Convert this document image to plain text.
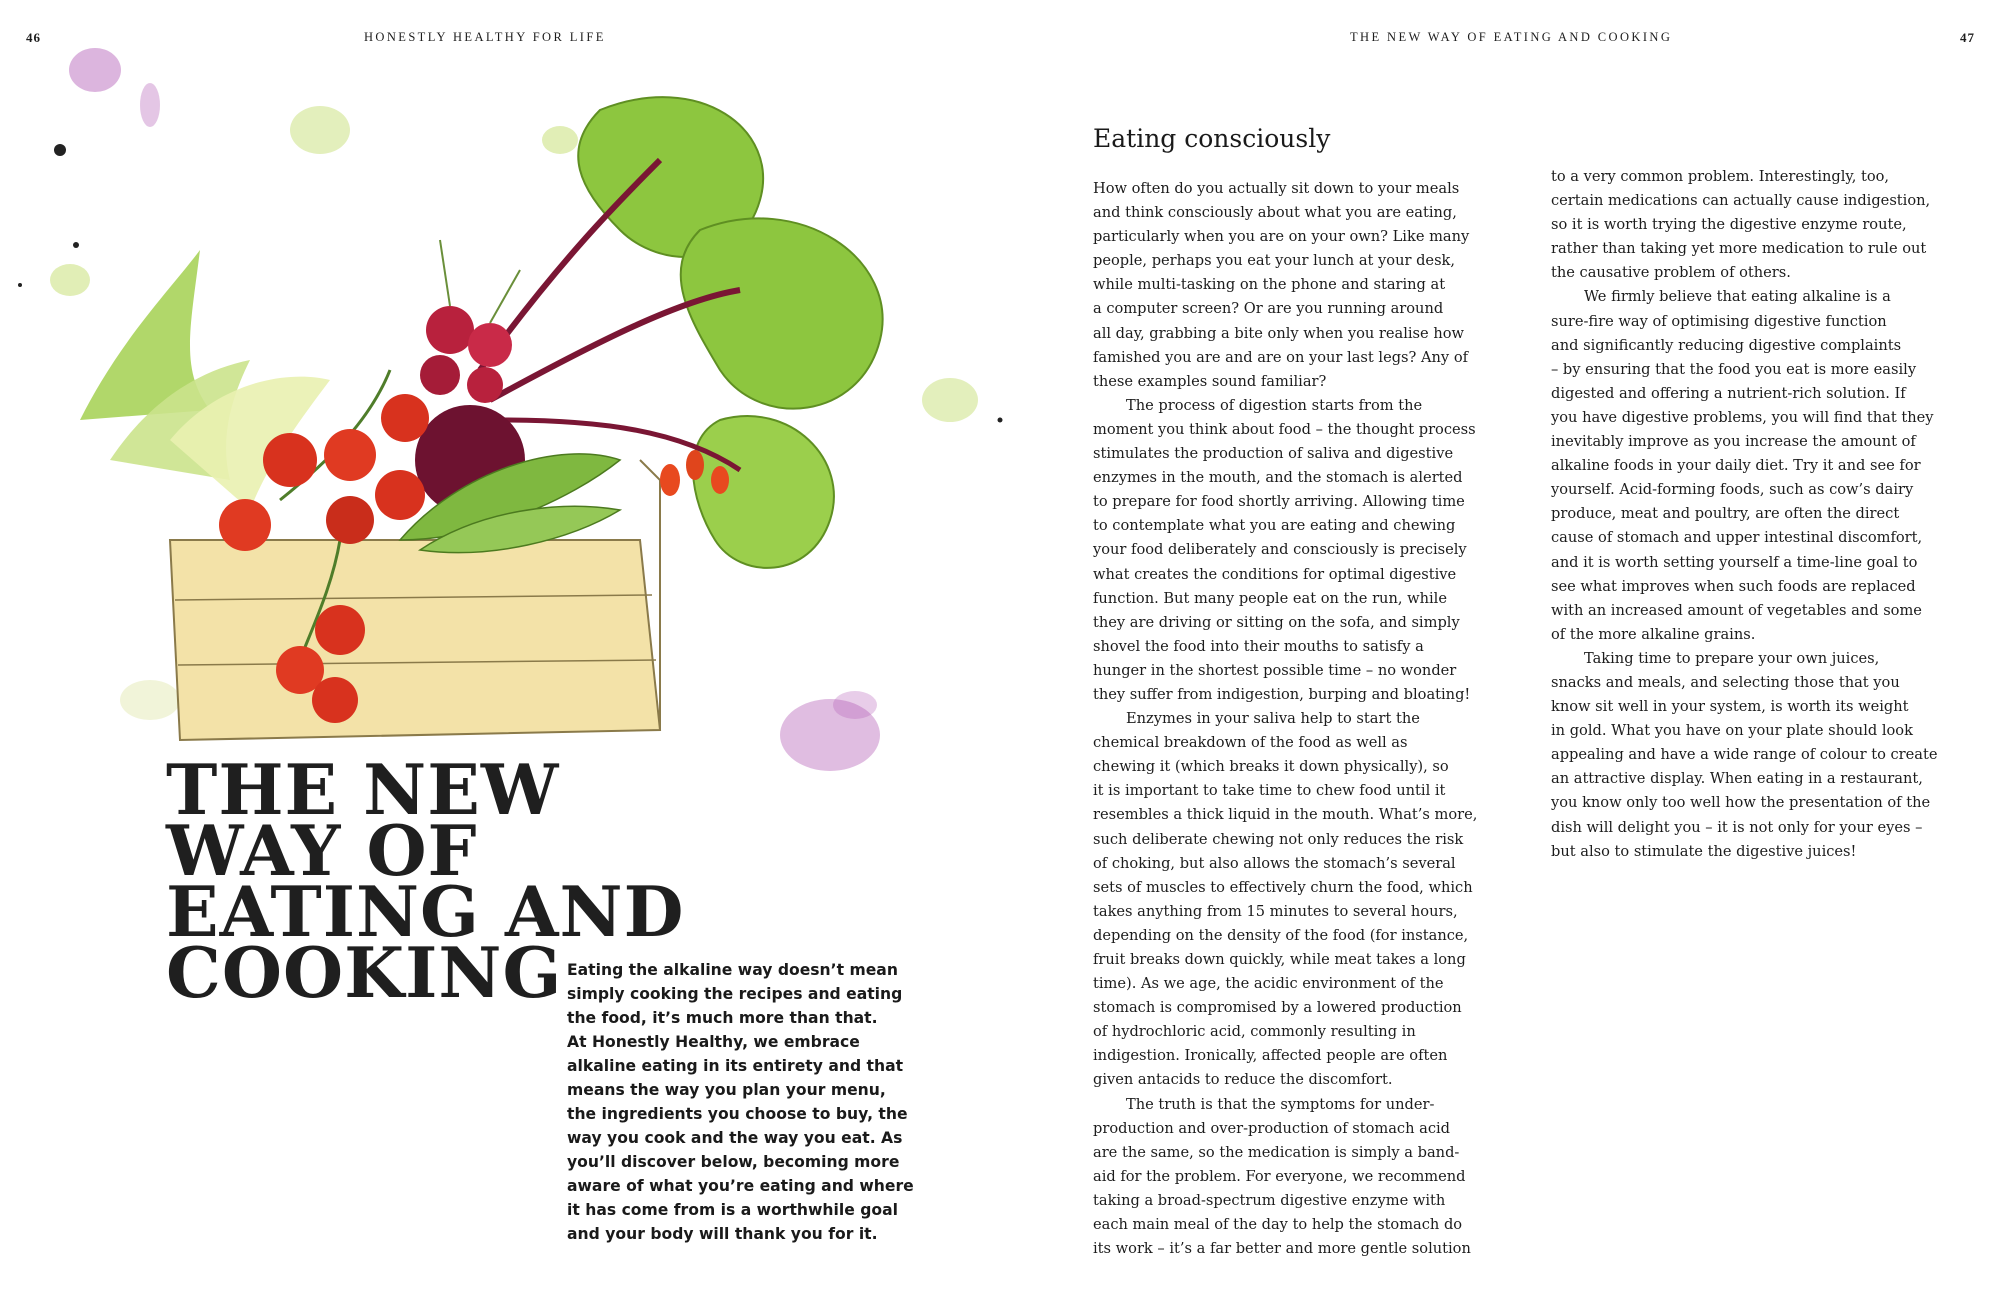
46	HONESTLY HEALTHY FOR LIFE	THE NEW WAY OF EATING AND COOKING	47
THE NEW
WAY OF
EATING AND
COOKING Eating the alkaline way doesn’t mean
simply cooking the recipes and eating
the food, it’s much more than that.
At Honestly Healthy, we embrace
alkaline eating in its entirety and that
means the way you plan your menu,
the ingredients you choose to buy, the
way you cook and the way you eat. As
you’ll discover below, becoming more
aware of what you’re eating and where
it has come from is a worthwhile goal
and your body will thank you for it.

Eating consciously
How often do you actually sit down to your meals
and think consciously about what you are eating,
particularly when you are on your own? Like many
people, perhaps you eat your lunch at your desk,
while multi-tasking on the phone and staring at
a computer screen? Or are you running around
all day, grabbing a bite only when you realise how
famished you are and are on your last legs? Any of
these examples sound familiar?
The process of digestion starts from the
moment you think about food – the thought process
stimulates the production of saliva and digestive
enzymes in the mouth, and the stomach is alerted
to prepare for food shortly arriving. Allowing time
to contemplate what you are eating and chewing
your food deliberately and consciously is precisely
what creates the conditions for optimal digestive
function. But many people eat on the run, while
they are driving or sitting on the sofa, and simply
shovel the food into their mouths to satisfy a
hunger in the shortest possible time – no wonder
they suffer from indigestion, burping and bloating!
Enzymes in your saliva help to start the
chemical breakdown of the food as well as
chewing it (which breaks it down physically), so
it is important to take time to chew food until it
resembles a thick liquid in the mouth. What’s more,
such deliberate chewing not only reduces the risk
of choking, but also allows the stomach’s several
sets of muscles to effectively churn the food, which
takes anything from 15 minutes to several hours,
depending on the density of the food (for instance,
fruit breaks down quickly, while meat takes a long
time). As we age, the acidic environment of the
stomach is compromised by a lowered production
of hydrochloric acid, commonly resulting in
indigestion. Ironically, affected people are often
given antacids to reduce the discomfort.
The truth is that the symptoms for under-
production and over-production of stomach acid
are the same, so the medication is simply a band-
aid for the problem. For everyone, we recommend
taking a broad-spectrum digestive enzyme with
each main meal of the day to help the stomach do
its work – it’s a far better and more gentle solution
to a very common problem. Interestingly, too,
certain medications can actually cause indigestion,
so it is worth trying the digestive enzyme route,
rather than taking yet more medication to rule out
the causative problem of others.
We firmly believe that eating alkaline is a
sure-fire way of optimising digestive function
and significantly reducing digestive complaints
– by ensuring that the food you eat is more easily
digested and offering a nutrient-rich solution. If
you have digestive problems, you will find that they
inevitably improve as you increase the amount of
alkaline foods in your daily diet. Try it and see for
yourself. Acid-forming foods, such as cow’s dairy
produce, meat and poultry, are often the direct
cause of stomach and upper intestinal discomfort,
and it is worth setting yourself a time-line goal to
see what improves when such foods are replaced
with an increased amount of vegetables and some
of the more alkaline grains.
Taking time to prepare your own juices,
snacks and meals, and selecting those that you
know sit well in your system, is worth its weight
in gold. What you have on your plate should look
appealing and have a wide range of colour to create
an attractive display. When eating in a restaurant,
you know only too well how the presentation of the
dish will delight you – it is not only for your eyes –
but also to stimulate the digestive juices!
